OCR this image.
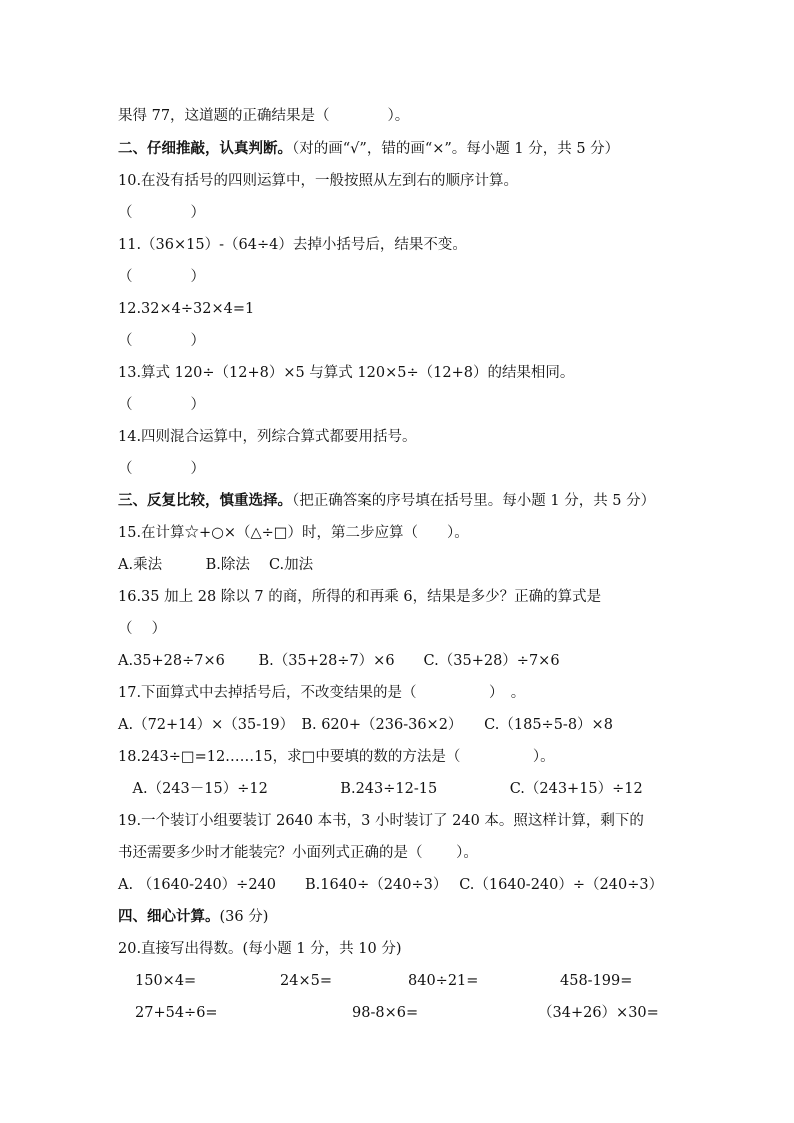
果得 77，这道题的正确结果是（　　　　）。
二、仔细推敲，认真判断。（对的画“√”，错的画“×”。每小题 1 分，共 5 分）
10.在没有括号的四则运算中，一般按照从左到右的顺序计算。
（　　　　）
11.（36×15）-（64÷4）去掉小括号后，结果不变。
（　　　　）
12.32×4÷32×4=1
（　　　　）
13.算式 120÷（12+8）×5 与算式 120×5÷（12+8）的结果相同。
（　　　　）
14.四则混合运算中，列综合算式都要用括号。
（　　　　）
三、反复比较，慎重选择。（把正确答案的序号填在括号里。每小题 1 分，共 5 分）
15.在计算☆+○×（△÷□）时，第二步应算（　　）。
A.乘法　　　B.除法　 C.加法
16.35 加上 28 除以 7 的商，所得的和再乘 6，结果是多少？正确的算式是
（　 ）
A.35+28÷7×6　　 B.（35+28÷7）×6　　C.（35+28）÷7×6
17.下面算式中去掉括号后，不改变结果的是（　　　　　）　。
A.（72+14）×（35-19）　B. 620+（236-36×2）　　C.（185÷5-8）×8
18.243÷□=12……15，求□中要填的数的方法是（　　　　　）。
　A.（243－15）÷12　　　　　B.243÷12-15　　　　　C.（243+15）÷12
19.一个装订小组要装订 2640 本书，3 小时装订了 240 本。照这样计算，剩下的
书还需要多少时才能装完？小面列式正确的是（　　 ）。
A. （1640-240）÷240　　B.1640÷（240÷3）　 C.（1640-240）÷（240÷3）
四、细心计算。(36 分)
20.直接写出得数。(每小题 1 分，共 10 分)
150×4=	24×5=	840÷21=	458-199=
27+54÷6=	98-8×6=	（34+26）×30=
